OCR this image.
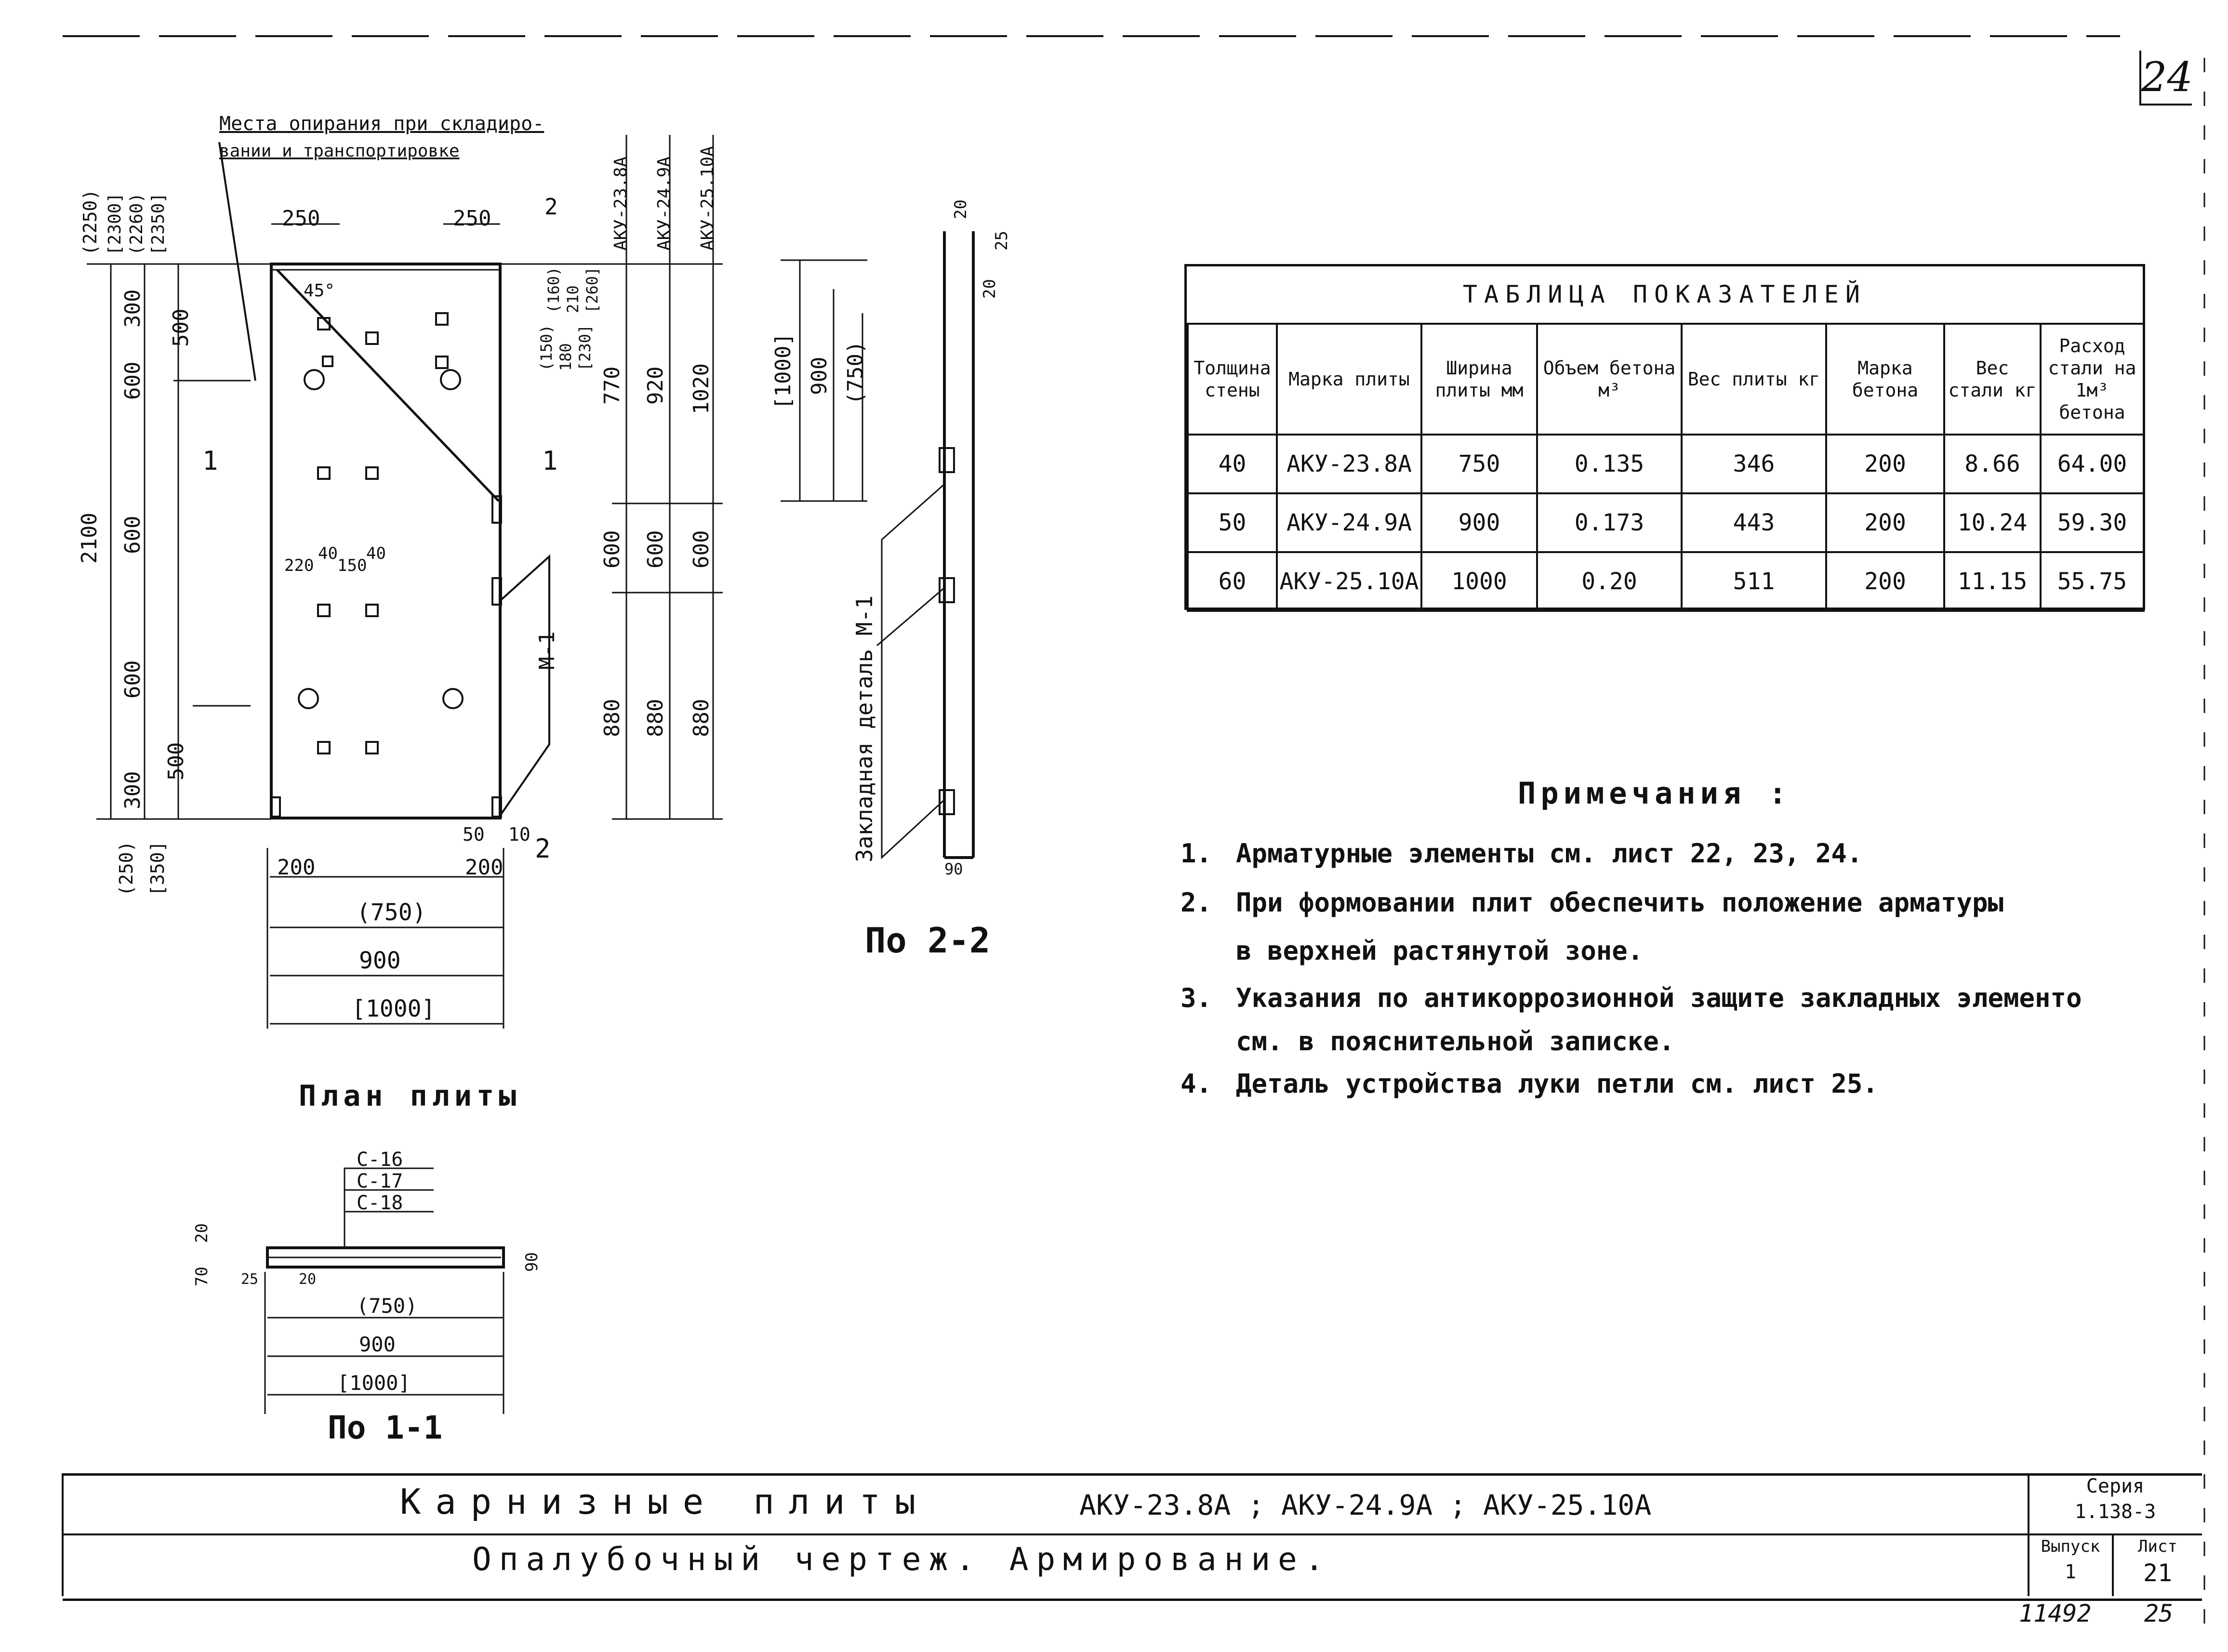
Места опирания при складиро-
вании и транспортировке
М-1
250	250 2
45°
(2250) [2300] (2260) [2350]
300
500
600
2100 600
600
300
500
(250) [350]
1	1
220
40
150
40
200	200
50 10 2
(750)
900
[1000]
(150) 180 [230]
(160) 210 [260]
770 920 1020
600 600 600
880 880 880
АКУ-23.8А АКУ-24.9А АКУ-25.10А
[1000] 900 (750)
20
25
20
90
Закладная деталь М-1
С-16
С-17
С-18
70
20
90
25	20
(750)
900
[1000]
24
План плиты
По 2-2
По 1-1
ТАБЛИЦА ПОКАЗАТЕЛЕЙ
Толщина стены	Марка плиты	Ширина плиты мм	Объем бетона м³	Вес плиты кг	Марка бетона	Вес стали кг	Расход стали на 1м³ бетона
40	АКУ-23.8А	750	0.135	346	200	8.66	64.00
50	АКУ-24.9А	900	0.173	443	200	10.24	59.30
60	АКУ-25.10А	1000	0.20	511	200	11.15	55.75
Примечания :
1. Арматурные элементы см. лист 22, 23, 24.
2. При формовании плит обеспечить положение арматуры
в верхней растянутой зоне.
3. Указания по антикоррозионной защите закладных элементо
см. в пояснительной записке.
4. Деталь устройства луки петли см. лист 25.
Карнизные плиты	АКУ-23.8А ; АКУ-24.9А ; АКУ-25.10А
Опалубочный чертеж. Армирование.
Серия
1.138-3
Выпуск
1
Лист
21
11492 25
